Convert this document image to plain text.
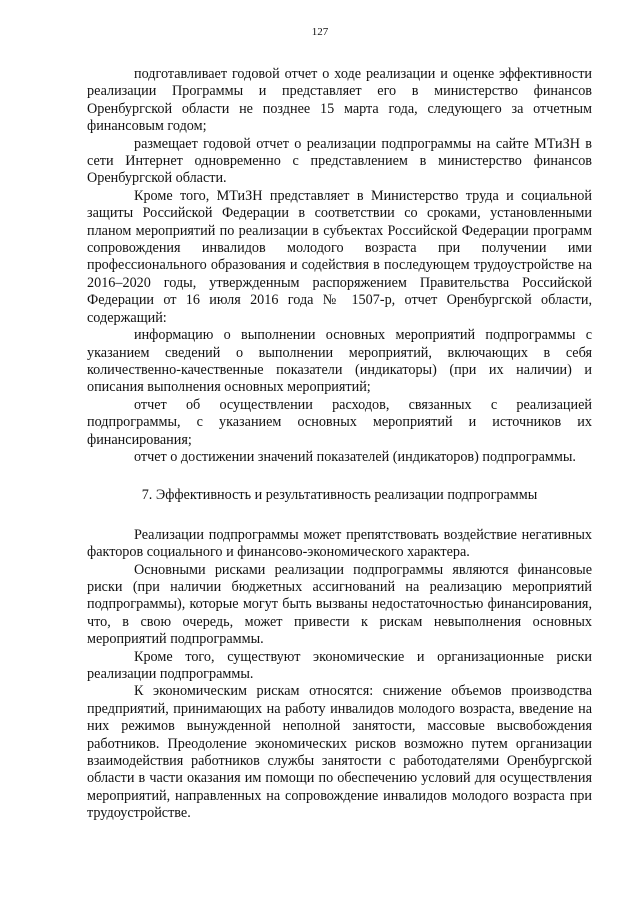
127

подготавливает годовой отчет о ходе реализации и оценке эффективности реализации Программы и представляет его в министерство финансов Оренбургской области не позднее 15 марта года, следующего за отчетным финансовым годом;

размещает годовой отчет о реализации подпрограммы на сайте МТиЗН в сети Интернет одновременно с представлением в министерство финансов Оренбургской области.

Кроме того, МТиЗН представляет в Министерство труда и социальной защиты Российской Федерации в соответствии со сроками, установленными планом мероприятий по реализации в субъектах Российской Федерации программ сопровождения инвалидов молодого возраста при получении ими профессионального образования и содействия в последующем трудоустройстве на 2016–2020 годы, утвержденным распоряжением Правительства Российской Федерации от 16 июля 2016 года № 1507-р, отчет Оренбургской области, содержащий:

информацию о выполнении основных мероприятий подпрограммы с указанием сведений о выполнении мероприятий, включающих в себя количественно-качественные показатели (индикаторы) (при их наличии) и описания выполнения основных мероприятий;

отчет об осуществлении расходов, связанных с реализацией подпрограммы, с указанием основных мероприятий и источников их финансирования;

отчет о достижении значений показателей (индикаторов) подпрограммы.

7. Эффективность и результативность реализации подпрограммы

Реализации подпрограммы может препятствовать воздействие негативных факторов социального и финансово-экономического характера.

Основными рисками реализации подпрограммы являются финансовые риски (при наличии бюджетных ассигнований на реализацию мероприятий подпрограммы), которые могут быть вызваны недостаточностью финансирования, что, в свою очередь, может привести к рискам невыполнения основных мероприятий подпрограммы.

Кроме того, существуют экономические и организационные риски реализации подпрограммы.

К экономическим рискам относятся: снижение объемов производства предприятий, принимающих на работу инвалидов молодого возраста, введение на них режимов вынужденной неполной занятости, массовые высвобождения работников. Преодоление экономических рисков возможно путем организации взаимодействия работников службы занятости с работодателями Оренбургской области в части оказания им помощи по обеспечению условий для осуществления мероприятий, направленных на сопровождение инвалидов молодого возраста при трудоустройстве.
